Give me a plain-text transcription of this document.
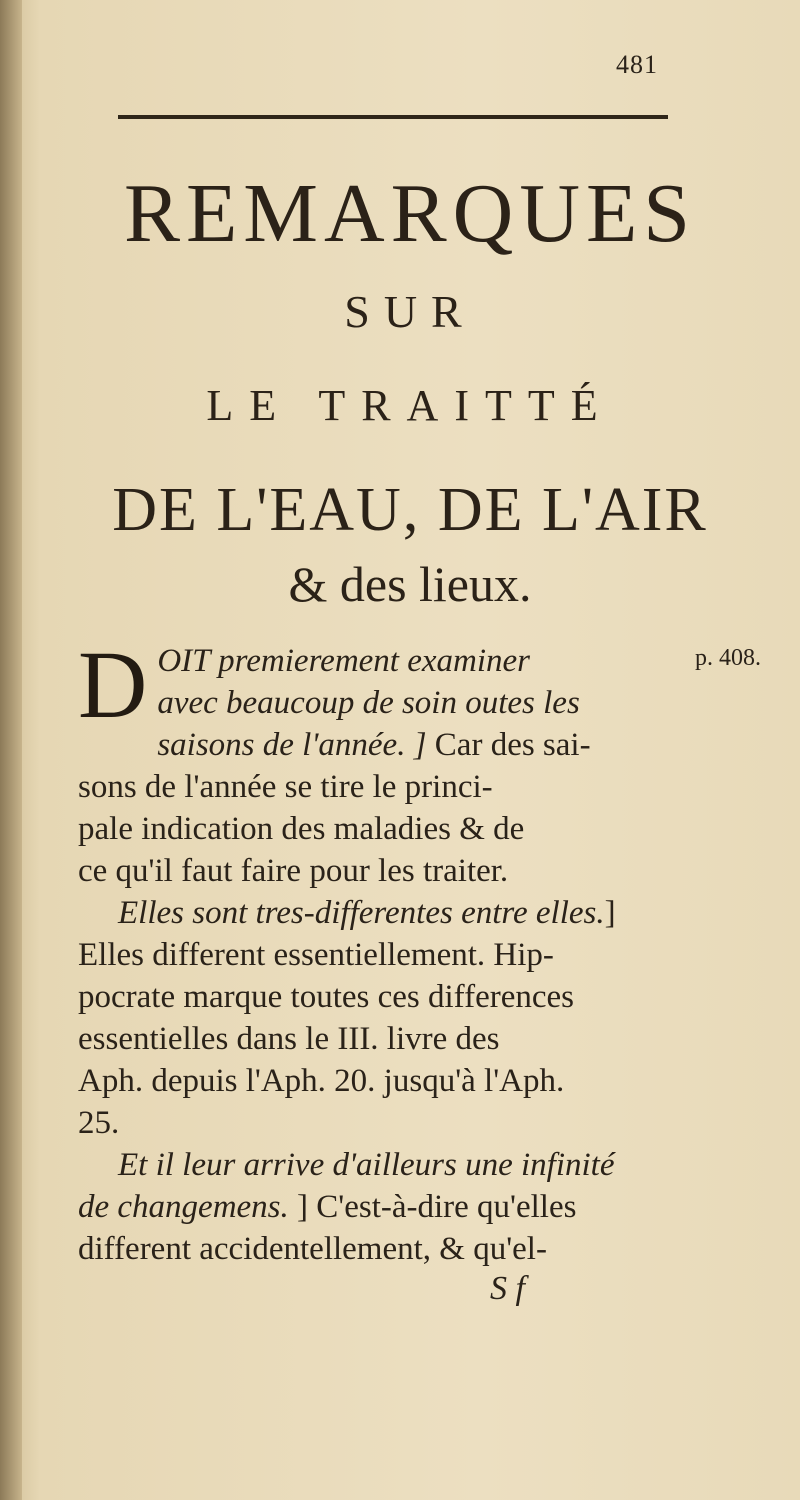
481
REMARQUES
SUR
LE TRAITTÉ
DE L'EAU, DE L'AIR
& des lieux.
p. 408.
D OIT premierement examiner
avec beaucoup de soin outes les
saisons de l'année. ] Car des sai-
sons de l'année se tire le princi-
pale indication des maladies & de
ce qu'il faut faire pour les traiter.
Elles sont tres-differentes entre elles.]
Elles different essentiellement. Hip-
pocrate marque toutes ces differences
essentielles dans le III. livre des
Aph. depuis l'Aph. 20. jusqu'à l'Aph.
25.
Et il leur arrive d'ailleurs une infinité
de changemens. ] C'est-à-dire qu'elles
different accidentellement, & qu'el-
S f
